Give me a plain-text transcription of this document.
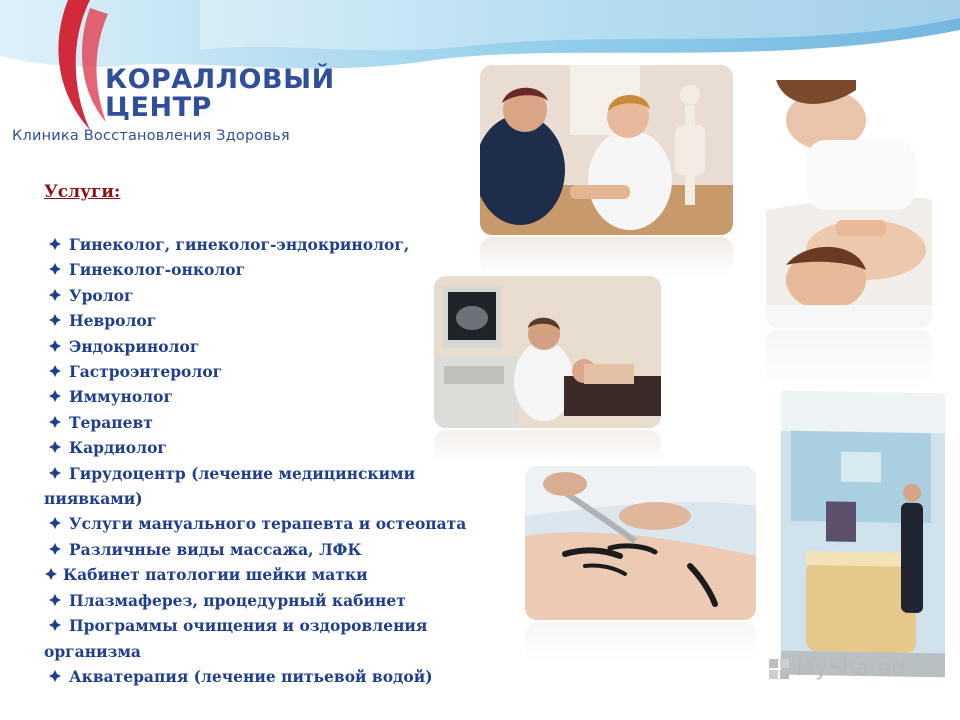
КОРАЛЛОВЫЙ
ЦЕНТР
Клиника Восстановления Здоровья
Услуги:
Гинеколог, гинеколог-эндокринолог,
Гинеколог-онколог
Уролог
Невролог
Эндокринолог
Гастроэнтеролог
Иммунолог
Терапевт
Кардиолог
Гирудоцентр (лечение медицинскими пиявками)
Услуги мануального терапевта и остеопата
Различные виды массажа, ЛФК
Кабинет патологии шейки матки
Плазмаферез, процедурный кабинет
Программы очищения и оздоровления организма
Акватерапия (лечение питьевой водой)	MyShared
